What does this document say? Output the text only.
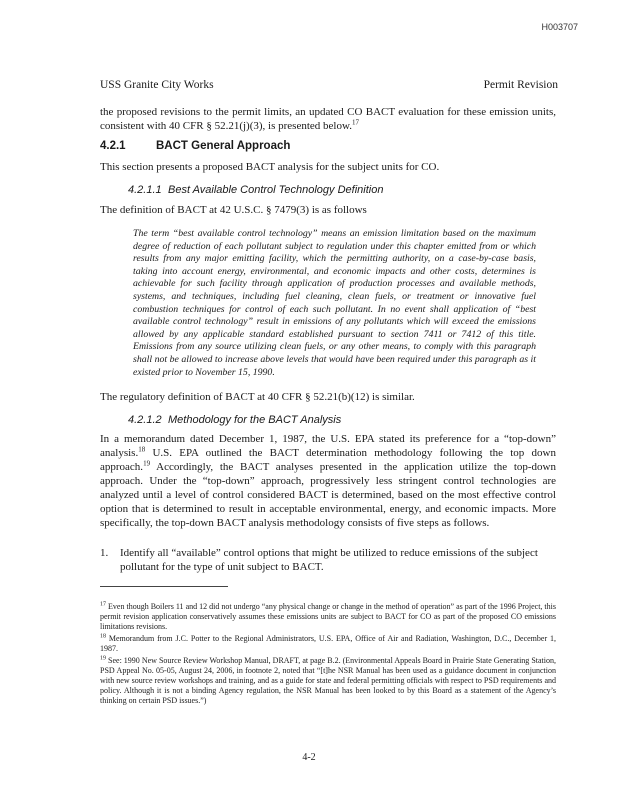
H003707
USS Granite City Works	Permit Revision
the proposed revisions to the permit limits, an updated CO BACT evaluation for these emission units, consistent with 40 CFR § 52.21(j)(3), is presented below.$^{17}$
4.2.1	BACT General Approach
This section presents a proposed BACT analysis for the subject units for CO.
4.2.1.1 Best Available Control Technology Definition
The definition of BACT at 42 U.S.C. § 7479(3) is as follows
The term “best available control technology” means an emission limitation based on the maximum degree of reduction of each pollutant subject to regulation under this chapter emitted from or which results from any major emitting facility, which the permitting authority, on a case-by-case basis, taking into account energy, environmental, and economic impacts and other costs, determines is achievable for such facility through application of production processes and available methods, systems, and techniques, including fuel cleaning, clean fuels, or treatment or innovative fuel combustion techniques for control of each such pollutant. In no event shall application of “best available control technology” result in emissions of any pollutants which will exceed the emissions allowed by any applicable standard established pursuant to section 7411 or 7412 of this title. Emissions from any source utilizing clean fuels, or any other means, to comply with this paragraph shall not be allowed to increase above levels that would have been required under this paragraph as it existed prior to November 15, 1990.
The regulatory definition of BACT at 40 CFR § 52.21(b)(12) is similar.
4.2.1.2 Methodology for the BACT Analysis
In a memorandum dated December 1, 1987, the U.S. EPA stated its preference for a “top-down” analysis.$^{18}$ U.S. EPA outlined the BACT determination methodology following the top down approach.$^{19}$ Accordingly, the BACT analyses presented in the application utilize the top-down approach. Under the “top-down” approach, progressively less stringent control technologies are analyzed until a level of control considered BACT is determined, based on the most effective control option that is determined to result in acceptable environmental, energy, and economic impacts. More specifically, the top-down BACT analysis methodology consists of five steps as follows.
1.	Identify all “available” control options that might be utilized to reduce emissions of the subject pollutant for the type of unit subject to BACT.
$^{17}$ Even though Boilers 11 and 12 did not undergo “any physical change or change in the method of operation” as part of the 1996 Project, this permit revision application conservatively assumes these emissions units are subject to BACT for CO as part of the proposed CO emissions limitations revisions.
$^{18}$ Memorandum from J.C. Potter to the Regional Administrators, U.S. EPA, Office of Air and Radiation, Washington, D.C., December 1, 1987.
$^{19}$ See: 1990 New Source Review Workshop Manual, DRAFT, at page B.2. (Environmental Appeals Board in Prairie State Generating Station, PSD Appeal No. 05-05, August 24, 2006, in footnote 2, noted that “[t]he NSR Manual has been used as a guidance document in conjunction with new source review workshops and training, and as a guide for state and federal permitting officials with respect to PSD requirements and policy. Although it is not a binding Agency regulation, the NSR Manual has been looked to by this Board as a statement of the Agency’s thinking on certain PSD issues.”)
4-2
